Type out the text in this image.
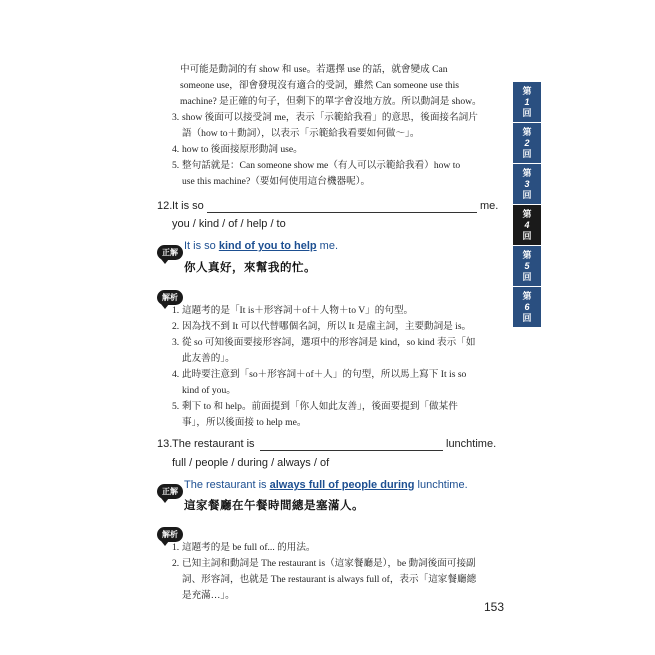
中可能是動詞的有 show 和 use。若選擇 use 的話，就會變成 Can
someone use，卻會發現沒有適合的受詞，雖然 Can someone use this
machine? 是正確的句子，但剩下的單字會沒地方放。所以動詞是 show。
3. show 後面可以接受詞 me，表示「示範給我看」的意思，後面接名詞片
語（how to＋動詞），以表示「示範給我看要如何做～」。
4. how to 後面接原形動詞 use。
5. 整句話就是：Can someone show me（有人可以示範給我看）how to
use this machine?（要如何使用這台機器呢）。
12. It is so	me.
you / kind / of / help / to
正解
It is so kind of you to help me.
你人真好，來幫我的忙。
解析
1. 這題考的是「It is＋形容詞＋of＋人物＋to V」的句型。
2. 因為找不到 It 可以代替哪個名詞，所以 It 是虛主詞，主要動詞是 is。
3. 從 so 可知後面要接形容詞，選項中的形容詞是 kind，so kind 表示「如
此友善的」。
4. 此時要注意到「so＋形容詞＋of＋人」的句型，所以馬上寫下 It is so
kind of you。
5. 剩下 to 和 help。前面提到「你人如此友善」，後面要提到「做某件
事」，所以後面接 to help me。
13. The restaurant is	lunchtime.
full / people / during / always / of
正解
The restaurant is always full of people during lunchtime.
這家餐廳在午餐時間總是塞滿人。
解析
1. 這題考的是 be full of... 的用法。
2. 已知主詞和動詞是 The restaurant is（這家餐廳是），be 動詞後面可接副
詞、形容詞，也就是 The restaurant is always full of，表示「這家餐廳總
是充滿…」。
153
第
1
回
第
2
回
第
3
回
第
4
回
第
5
回
第
6
回
